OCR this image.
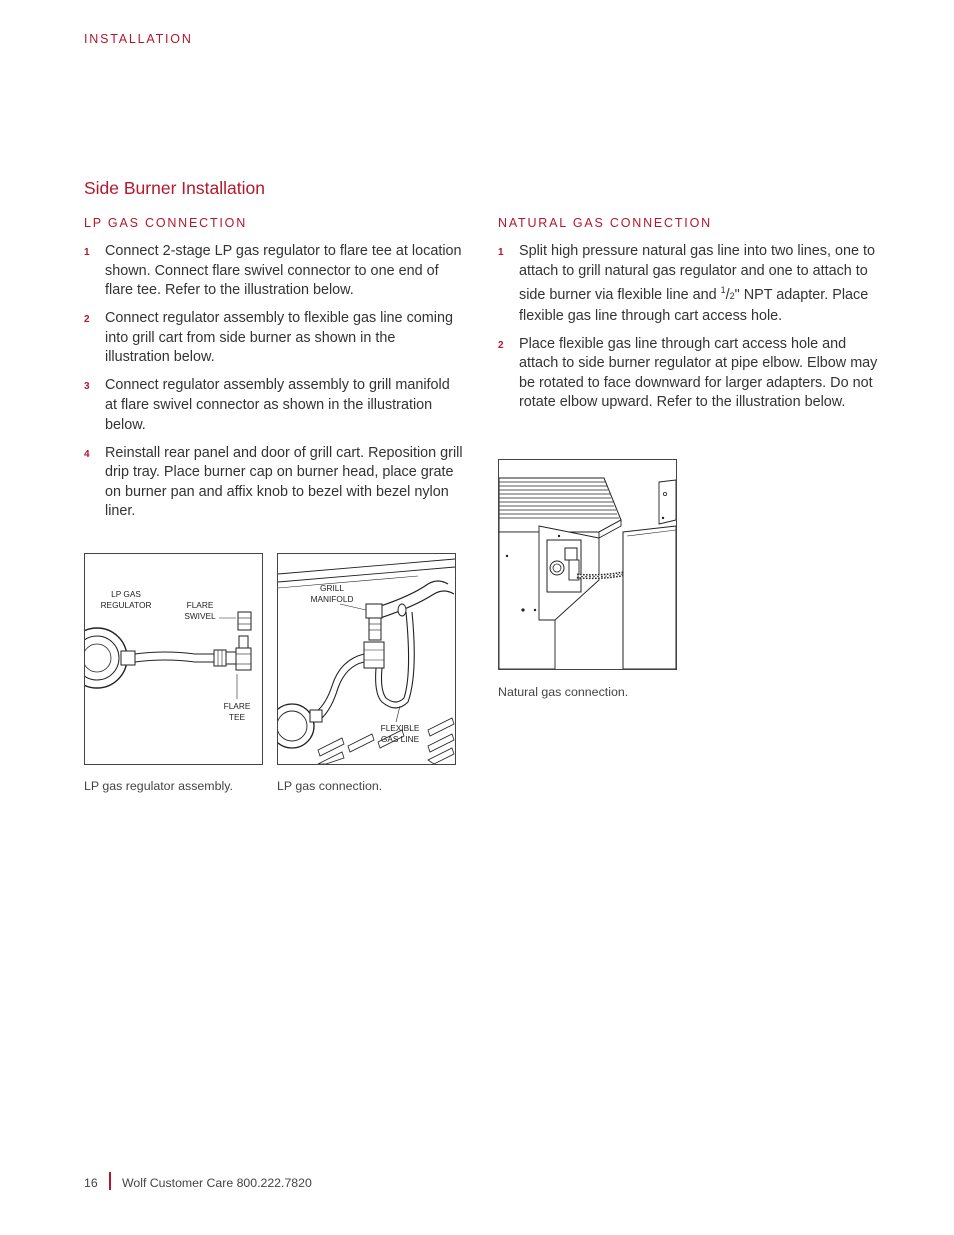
INSTALLATION
Side Burner Installation
LP GAS CONNECTION
1 Connect 2-stage LP gas regulator to flare tee at location shown. Connect flare swivel connector to one end of flare tee. Refer to the illustration below.
2 Connect regulator assembly to flexible gas line coming into grill cart from side burner as shown in the illustration below.
3 Connect regulator assembly assembly to grill manifold at flare swivel connector as shown in the illustration below.
4 Reinstall rear panel and door of grill cart. Reposition grill drip tray. Place burner cap on burner head, place grate on burner pan and affix knob to bezel with bezel nylon liner.
NATURAL GAS CONNECTION
1 Split high pressure natural gas line into two lines, one to attach to grill natural gas regulator and one to attach to side burner via flexible line and $^1$/2" NPT adapter. Place flexible gas line through cart access hole.
2 Place flexible gas line through cart access hole and attach to side burner regulator at pipe elbow. Elbow may be rotated to face downward for larger adapters. Do not rotate elbow upward. Refer to the illustration below.
LP GAS
REGULATOR	FLARE
SWIVEL
FLARE
TEE
LP gas regulator assembly.
GRILL
MANIFOLD
FLEXIBLE
GAS LINE
LP gas connection.
Natural gas connection.
16 Wolf Customer Care 800.222.7820
